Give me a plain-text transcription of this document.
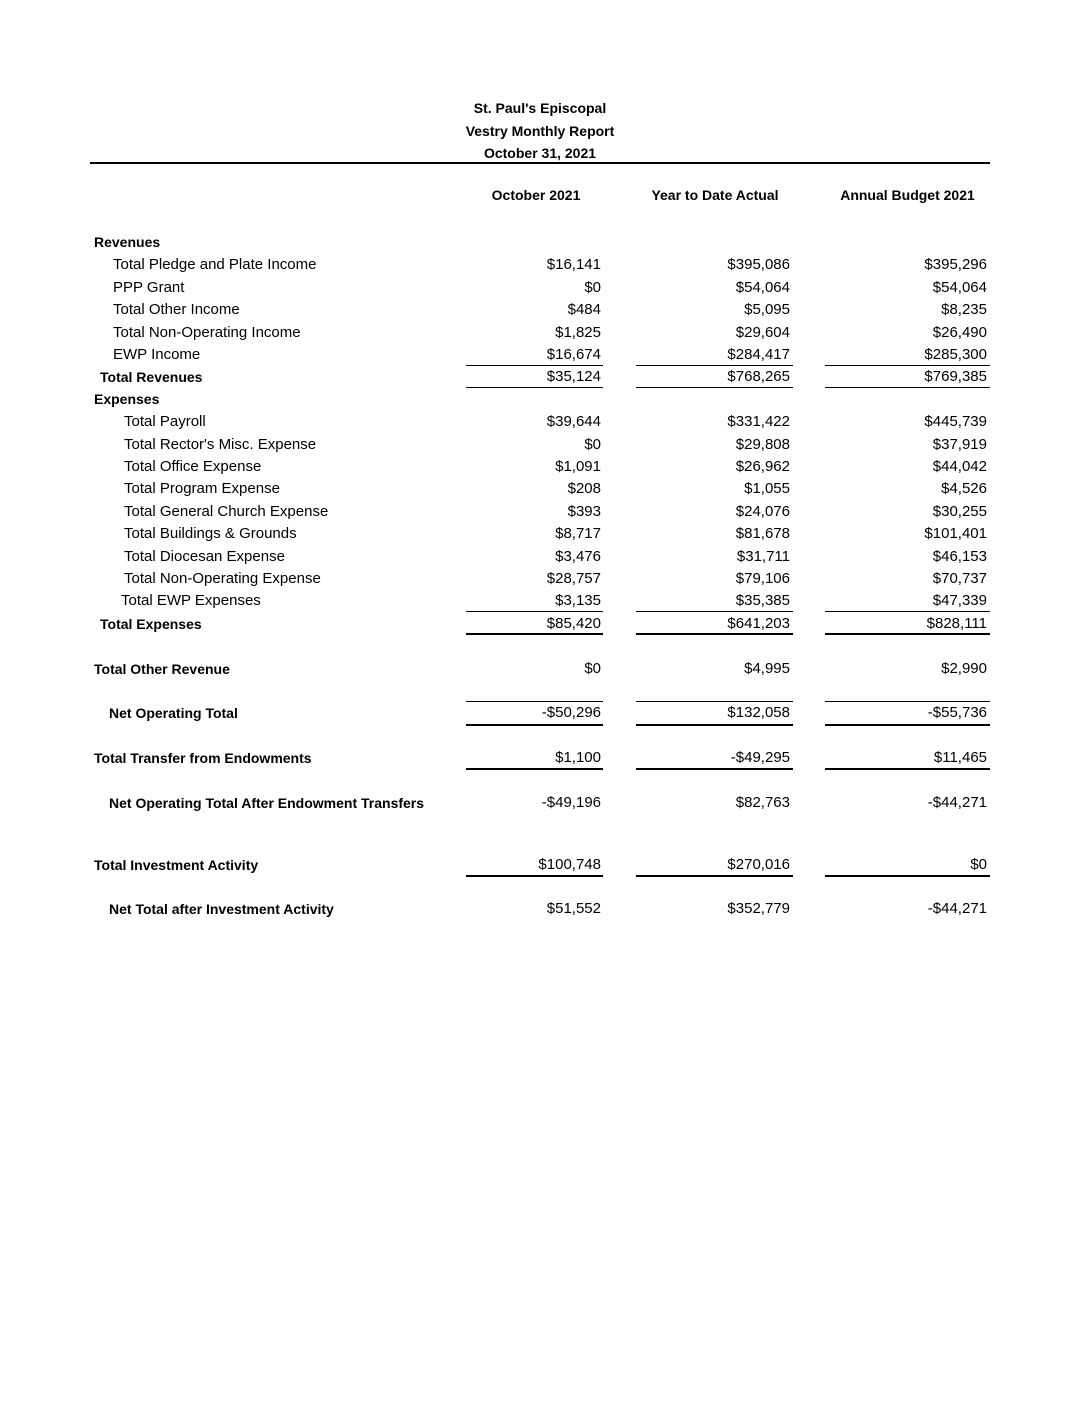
St. Paul's Episcopal
Vestry Monthly Report
October 31, 2021
October 2021	Year to Date Actual	Annual Budget 2021
Revenues
Total Pledge and Plate Income	$16,141	$395,086	$395,296
PPP Grant	$0	$54,064	$54,064
Total Other Income	$484	$5,095	$8,235
Total Non-Operating Income	$1,825	$29,604	$26,490
EWP Income	$16,674	$284,417	$285,300
Total Revenues	$35,124	$768,265	$769,385
Expenses
Total Payroll	$39,644	$331,422	$445,739
Total Rector's Misc. Expense	$0	$29,808	$37,919
Total Office Expense	$1,091	$26,962	$44,042
Total Program Expense	$208	$1,055	$4,526
Total General Church Expense	$393	$24,076	$30,255
Total Buildings & Grounds	$8,717	$81,678	$101,401
Total Diocesan Expense	$3,476	$31,711	$46,153
Total Non-Operating Expense	$28,757	$79,106	$70,737
Total EWP Expenses	$3,135	$35,385	$47,339
Total Expenses	$85,420	$641,203	$828,111
Total Other Revenue	$0	$4,995	$2,990
Net Operating Total	-$50,296	$132,058	-$55,736
Total Transfer from Endowments	$1,100	-$49,295	$11,465
Net Operating Total After Endowment Transfers	-$49,196	$82,763	-$44,271
Total Investment Activity	$100,748	$270,016	$0
Net Total after Investment Activity	$51,552	$352,779	-$44,271
